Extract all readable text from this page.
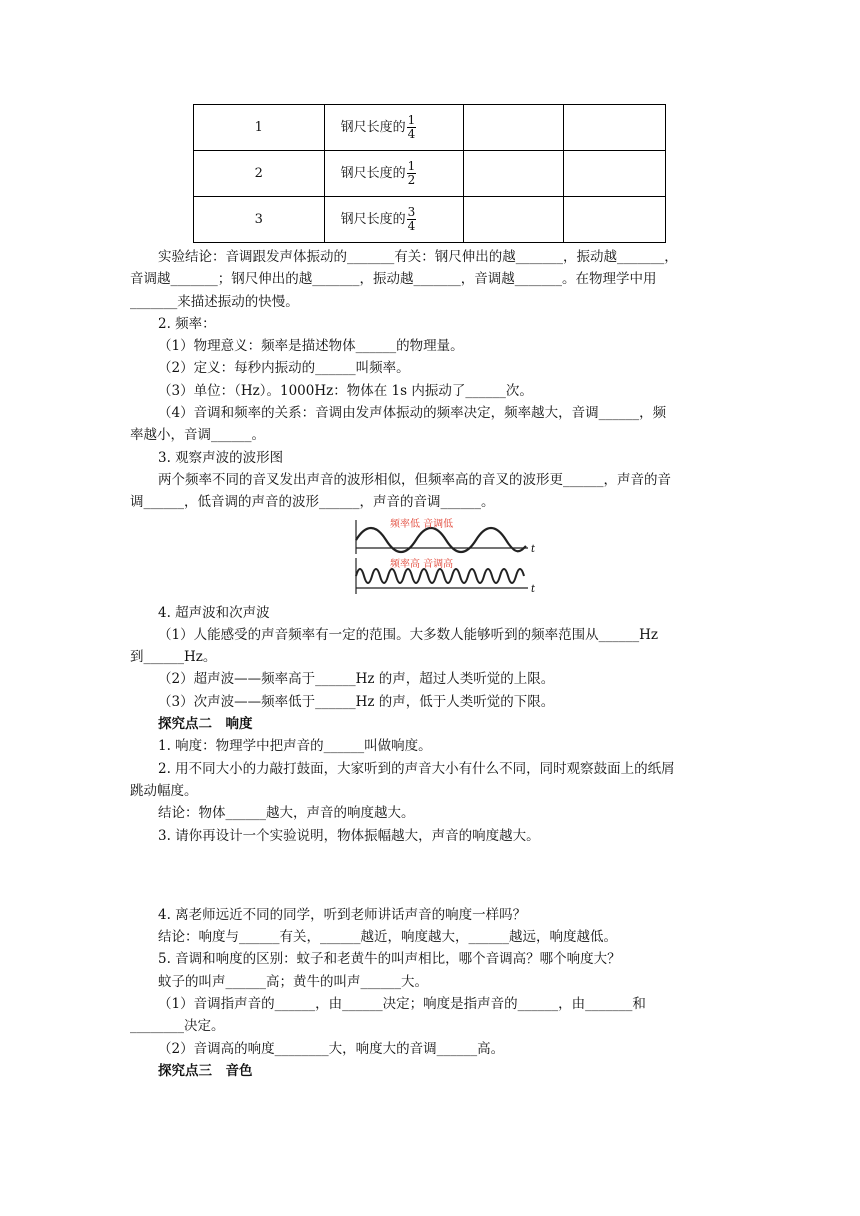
1	钢尺长度的 $\frac{1}{4}$

2	钢尺长度的 $\frac{1}{2}$

3	钢尺长度的 $\frac{3}{4}$

实验结论：音调跟发声体振动的_______有关：钢尺伸出的越_______，振动越_______，

音调越_______；钢尺伸出的越_______，振动越_______，音调越_______。在物理学中用

_______来描述振动的快慢。

2. 频率：

（1）物理意义：频率是描述物体______的物理量。

（2）定义：每秒内振动的______叫频率。

（3）单位：（Hz）。1000Hz：物体在 1s 内振动了______次。

（4）音调和频率的关系：音调由发声体振动的频率决定，频率越大，音调______，频

率越小，音调______。

3. 观察声波的波形图

两个频率不同的音叉发出声音的波形相似，但频率高的音叉的波形更______，声音的音

调______，低音调的声音的波形______，声音的音调______。

频率低 音调低
t
频率高 音调高
t

4. 超声波和次声波

（1）人能感受的声音频率有一定的范围。大多数人能够听到的频率范围从______Hz

到______Hz。

（2）超声波——频率高于______Hz 的声，超过人类听觉的上限。

（3）次声波——频率低于______Hz 的声，低于人类听觉的下限。

探究点二　响度

1. 响度：物理学中把声音的______叫做响度。

2. 用不同大小的力敲打鼓面，大家听到的声音大小有什么不同，同时观察鼓面上的纸屑

跳动幅度。

结论：物体______越大，声音的响度越大。

3. 请你再设计一个实验说明，物体振幅越大，声音的响度越大。

4. 离老师远近不同的同学，听到老师讲话声音的响度一样吗？

结论：响度与______有关，______越近，响度越大，______越远，响度越低。

5. 音调和响度的区别：蚊子和老黄牛的叫声相比，哪个音调高？哪个响度大？

蚊子的叫声______高；黄牛的叫声______大。

（1）音调指声音的______，由______决定；响度是指声音的______，由_______和

________决定。

（2）音调高的响度________大，响度大的音调______高。

探究点三　音色
